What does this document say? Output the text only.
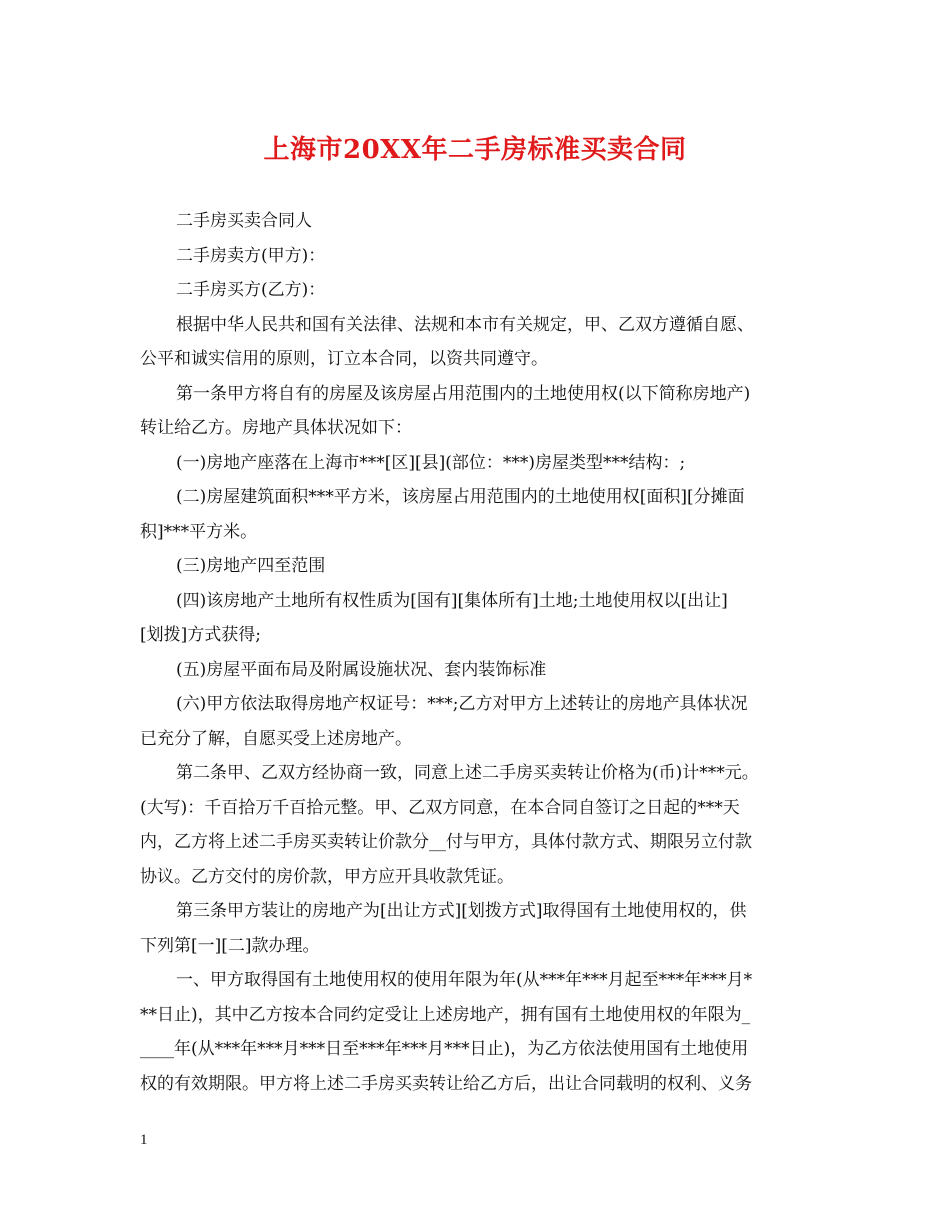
上海市20XX年二手房标准买卖合同
二手房买卖合同人
二手房卖方(甲方)：
二手房买方(乙方)：
根据中华人民共和国有关法律、法规和本市有关规定，甲、乙双方遵循自愿、
公平和诚实信用的原则，订立本合同，以资共同遵守。
第一条甲方将自有的房屋及该房屋占用范围内的土地使用权(以下简称房地产)
转让给乙方。房地产具体状况如下：
(一)房地产座落在上海市***[区][县](部位：***)房屋类型***结构：;
(二)房屋建筑面积***平方米，该房屋占用范围内的土地使用权[面积][分摊面
积]***平方米。
(三)房地产四至范围
(四)该房地产土地所有权性质为[国有][集体所有]土地;土地使用权以[出让]
[划拨]方式获得;
(五)房屋平面布局及附属设施状况、套内装饰标准
(六)甲方依法取得房地产权证号：***;乙方对甲方上述转让的房地产具体状况
已充分了解，自愿买受上述房地产。
第二条甲、乙双方经协商一致，同意上述二手房买卖转让价格为(币)计***元。
(大写)：千百拾万千百拾元整。甲、乙双方同意，在本合同自签订之日起的***天
内，乙方将上述二手房买卖转让价款分__付与甲方，具体付款方式、期限另立付款
协议。乙方交付的房价款，甲方应开具收款凭证。
第三条甲方装让的房地产为[出让方式][划拨方式]取得国有土地使用权的，供
下列第[一][二]款办理。
一、甲方取得国有土地使用权的使用年限为年(从***年***月起至***年***月*
**日止)，其中乙方按本合同约定受让上述房地产，拥有国有土地使用权的年限为_
____年(从***年***月***日至***年***月***日止)，为乙方依法使用国有土地使用
权的有效期限。甲方将上述二手房买卖转让给乙方后，出让合同载明的权利、义务
1
